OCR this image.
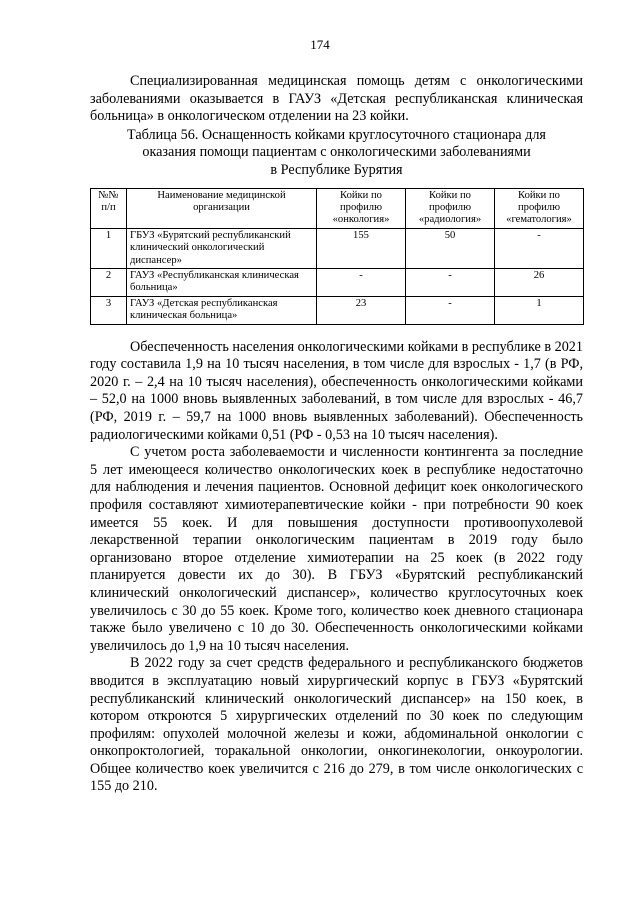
174

Специализированная медицинская помощь детям с онкологическими заболеваниями оказывается в ГАУЗ «Детская республиканская клиническая больница» в онкологическом отделении на 23 койки.

Таблица 56. Оснащенность койками круглосуточного стационара для
оказания помощи пациентам с онкологическими заболеваниями
в Республике Бурятия
№№ п/п	Наименование медицинской организации	Койки по профилю «онкология»	Койки по профилю «радиология»	Койки по профилю «гематология»
1	ГБУЗ «Бурятский республиканский клинический онкологический диспансер»	155	50	-
2	ГАУЗ «Республиканская клиническая больница»	-	-	26
3	ГАУЗ «Детская республиканская клиническая больница»	23	-	1

Обеспеченность населения онкологическими койками в республике в 2021 году составила 1,9 на 10 тысяч населения, в том числе для взрослых - 1,7 (в РФ, 2020 г. – 2,4 на 10 тысяч населения), обеспеченность онкологическими койками – 52,0 на 1000 вновь выявленных заболеваний, в том числе для взрослых - 46,7 (РФ, 2019 г. – 59,7 на 1000 вновь выявленных заболеваний). Обеспеченность радиологическими койками 0,51 (РФ - 0,53 на 10 тысяч населения).

С учетом роста заболеваемости и численности контингента за последние 5 лет имеющееся количество онкологических коек в республике недостаточно для наблюдения и лечения пациентов. Основной дефицит коек онкологического профиля составляют химиотерапевтические койки - при потребности 90 коек имеется 55 коек. И для повышения доступности противоопухолевой лекарственной терапии онкологическим пациентам в 2019 году было организовано второе отделение химиотерапии на 25 коек (в 2022 году планируется довести их до 30). В ГБУЗ «Бурятский республиканский клинический онкологический диспансер», количество круглосуточных коек увеличилось с 30 до 55 коек. Кроме того, количество коек дневного стационара также было увеличено с 10 до 30. Обеспеченность онкологическими койками увеличилось до 1,9 на 10 тысяч населения.

В 2022 году за счет средств федерального и республиканского бюджетов вводится в эксплуатацию новый хирургический корпус в ГБУЗ «Бурятский республиканский клинический онкологический диспансер» на 150 коек, в котором откроются 5 хирургических отделений по 30 коек по следующим профилям: опухолей молочной железы и кожи, абдоминальной онкологии с онкопроктологией, торакальной онкологии, онкогинекологии, онкоурологии. Общее количество коек увеличится с 216 до 279, в том числе онкологических с 155 до 210.
